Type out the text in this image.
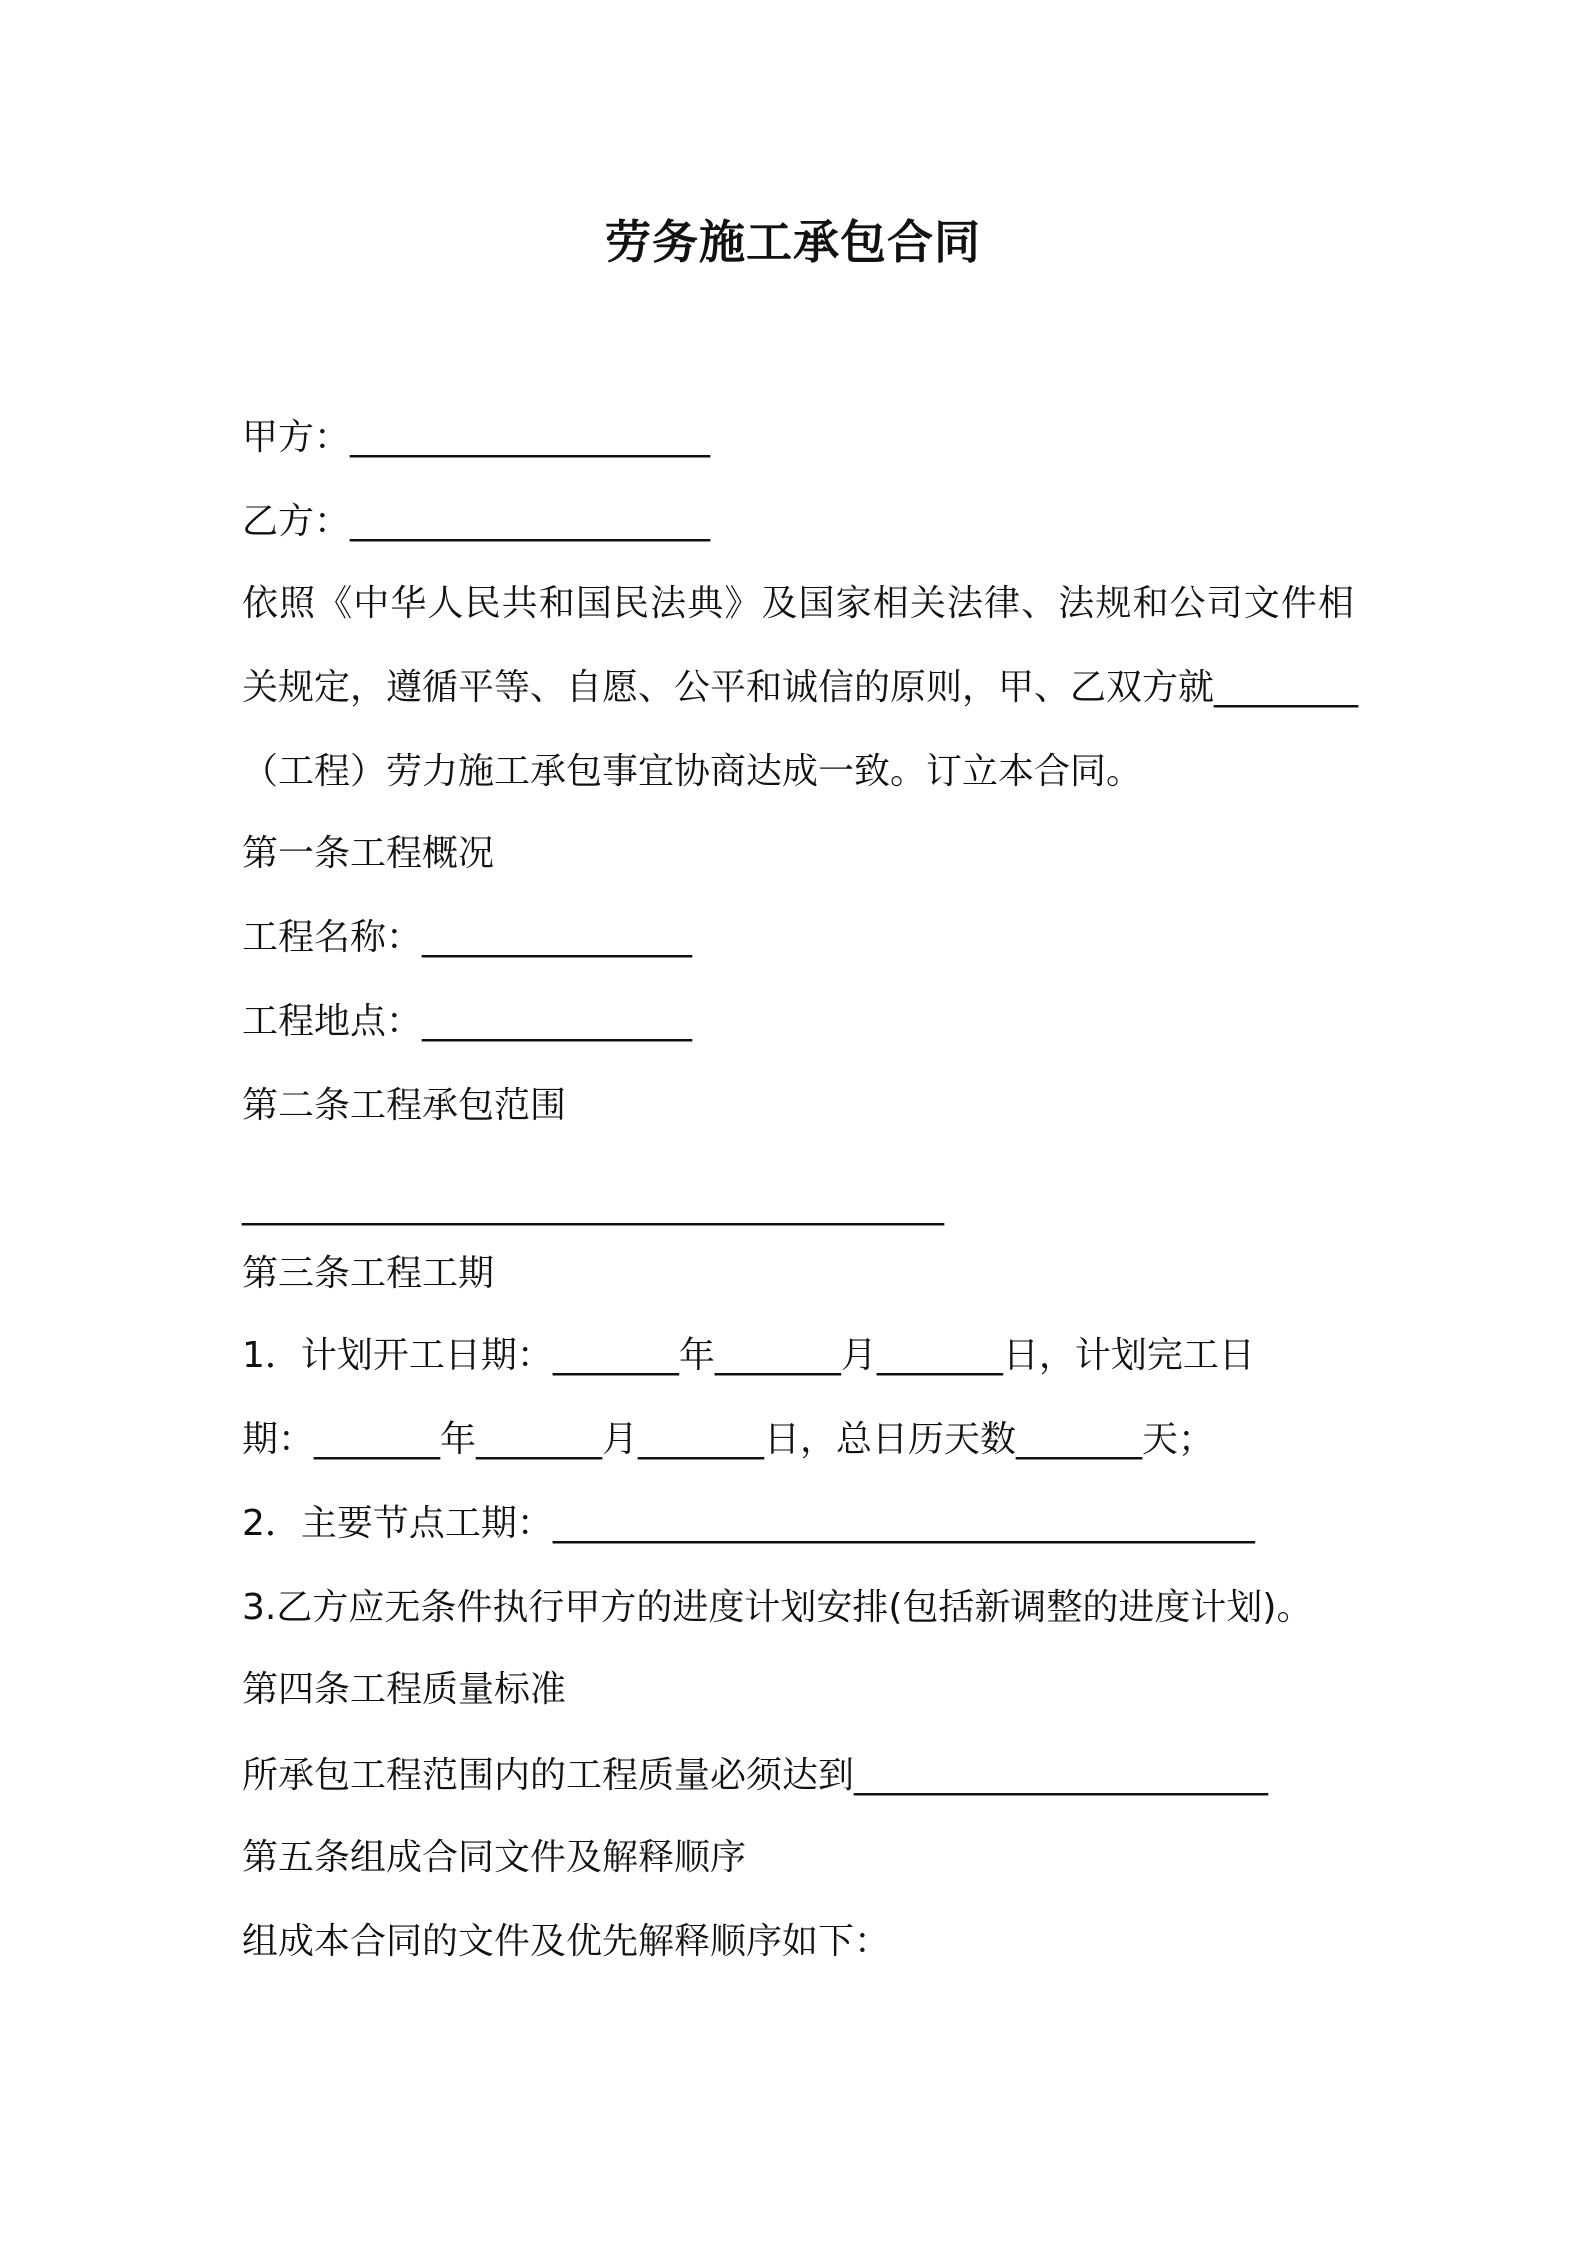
劳务施工承包合同
甲方：____________________
乙方：____________________
依照《中华人民共和国民法典》及国家相关法律、法规和公司文件相
关规定，遵循平等、自愿、公平和诚信的原则，甲、乙双方就________
（工程）劳力施工承包事宜协商达成一致。订立本合同。
第一条工程概况
工程名称：_______________
工程地点：_______________
第二条工程承包范围
_______________________________________
第三条工程工期
1．计划开工日期：_______年_______月_______日，计划完工日
期：_______年_______月_______日，总日历天数_______天；
2．主要节点工期：_______________________________________
3.乙方应无条件执行甲方的进度计划安排(包括新调整的进度计划)。
第四条工程质量标准
所承包工程范围内的工程质量必须达到_______________________
第五条组成合同文件及解释顺序
组成本合同的文件及优先解释顺序如下：
